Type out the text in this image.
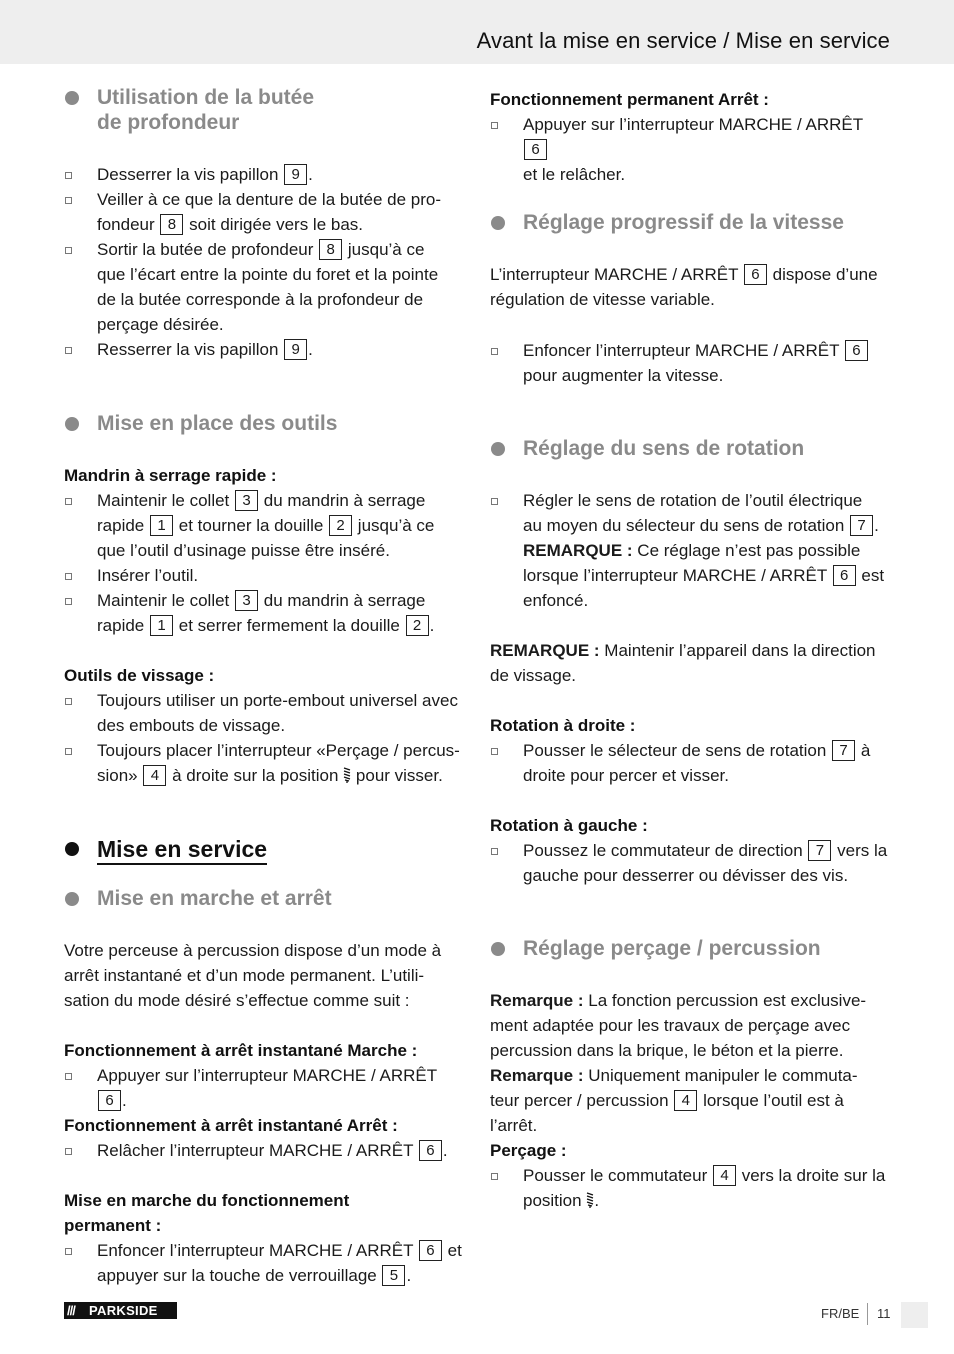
Avant la mise en service / Mise en service
Utilisation de la butée
de profondeur
Desserrer la vis papillon 9 .
Veiller à ce que la denture de la butée de pro-
fondeur 8 soit dirigée vers le bas.
Sortir la butée de profondeur 8 jusqu’à ce
que l’écart entre la pointe du foret et la pointe
de la butée corresponde à la profondeur de
perçage désirée.
Resserrer la vis papillon 9 .
Mise en place des outils
Mandrin à serrage rapide :
Maintenir le collet 3 du mandrin à serrage
rapide 1 et tourner la douille 2 jusqu’à ce
que l’outil d’usinage puisse être inséré.
Insérer l’outil.
Maintenir le collet 3 du mandrin à serrage
rapide 1 et serrer fermement la douille 2 .
Outils de vissage :
Toujours utiliser un porte-embout universel avec
des embouts de vissage.
Toujours placer l’interrupteur «Perçage / percus-
sion» 4 à droite sur la position pour visser.
Mise en service
Mise en marche et arrêt
Votre perceuse à percussion dispose d’un mode à
arrêt instantané et d’un mode permanent. L’utili-
sation du mode désiré s’effectue comme suit :
Fonctionnement à arrêt instantané Marche :
Appuyer sur l’interrupteur MARCHE / ARRÊT 6 .
Fonctionnement à arrêt instantané Arrêt :
Relâcher l’interrupteur MARCHE / ARRÊT 6 .
Mise en marche du fonctionnement
permanent :
Enfoncer l’interrupteur MARCHE / ARRÊT 6 et
appuyer sur la touche de verrouillage 5 .
Fonctionnement permanent Arrêt :
Appuyer sur l’interrupteur MARCHE / ARRÊT 6
et le relâcher.
Réglage progressif de la vitesse
L’interrupteur MARCHE / ARRÊT 6 dispose d’une
régulation de vitesse variable.
Enfoncer l’interrupteur MARCHE / ARRÊT 6
pour augmenter la vitesse.
Réglage du sens de rotation
Régler le sens de rotation de l’outil électrique
au moyen du sélecteur du sens de rotation 7 .
REMARQUE : Ce réglage n’est pas possible
lorsque l’interrupteur MARCHE / ARRÊT 6 est
enfoncé.
REMARQUE : Maintenir l’appareil dans la direction
de vissage.
Rotation à droite :
Pousser le sélecteur de sens de rotation 7 à
droite pour percer et visser.
Rotation à gauche :
Poussez le commutateur de direction 7 vers la
gauche pour desserrer ou dévisser des vis.
Réglage perçage / percussion
Remarque : La fonction percussion est exclusive-
ment adaptée pour les travaux de perçage avec
percussion dans la brique, le béton et la pierre.
Remarque : Uniquement manipuler le commuta-
teur percer / percussion 4 lorsque l’outil est à l’arrêt.
Perçage :
Pousser le commutateur 4 vers la droite sur la
position .
/// PARKSIDE	FR/BE 11
